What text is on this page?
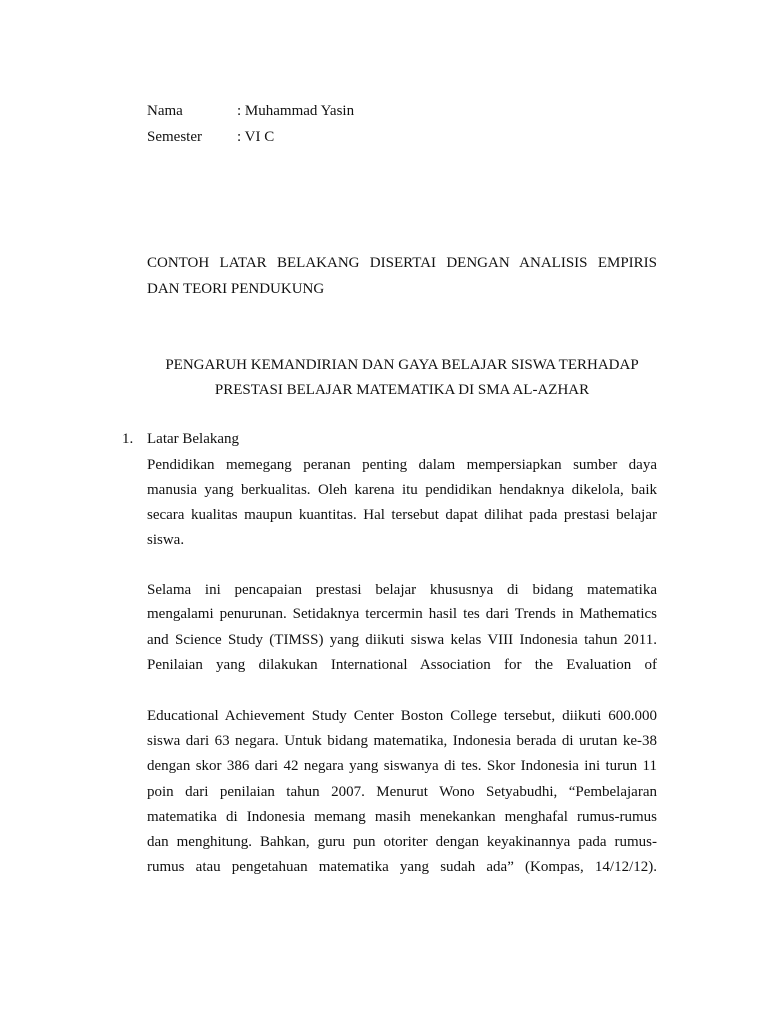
Nama	: Muhammad Yasin
Semester : VI C
CONTOH LATAR BELAKANG DISERTAI DENGAN ANALISIS EMPIRIS
DAN TEORI PENDUKUNG
PENGARUH KEMANDIRIAN DAN GAYA BELAJAR SISWA TERHADAP
PRESTASI BELAJAR MATEMATIKA DI SMA AL-AZHAR
1. Latar Belakang
Pendidikan memegang peranan penting dalam mempersiapkan sumber daya
manusia yang berkualitas. Oleh karena itu pendidikan hendaknya dikelola, baik
secara kualitas maupun kuantitas. Hal tersebut dapat dilihat pada prestasi belajar
siswa.
Selama ini pencapaian prestasi belajar khususnya di bidang matematika
mengalami penurunan. Setidaknya tercermin hasil tes dari Trends in Mathematics
and Science Study (TIMSS) yang diikuti siswa kelas VIII Indonesia tahun 2011.
Penilaian yang dilakukan International Association for the Evaluation of
Educational Achievement Study Center Boston College tersebut, diikuti 600.000
siswa dari 63 negara. Untuk bidang matematika, Indonesia berada di urutan ke-38
dengan skor 386 dari 42 negara yang siswanya di tes. Skor Indonesia ini turun 11
poin dari penilaian tahun 2007. Menurut Wono Setyabudhi, “Pembelajaran
matematika di Indonesia memang masih menekankan menghafal rumus-rumus
dan menghitung. Bahkan, guru pun otoriter dengan keyakinannya pada rumus-
rumus atau pengetahuan matematika yang sudah ada” (Kompas, 14/12/12).
